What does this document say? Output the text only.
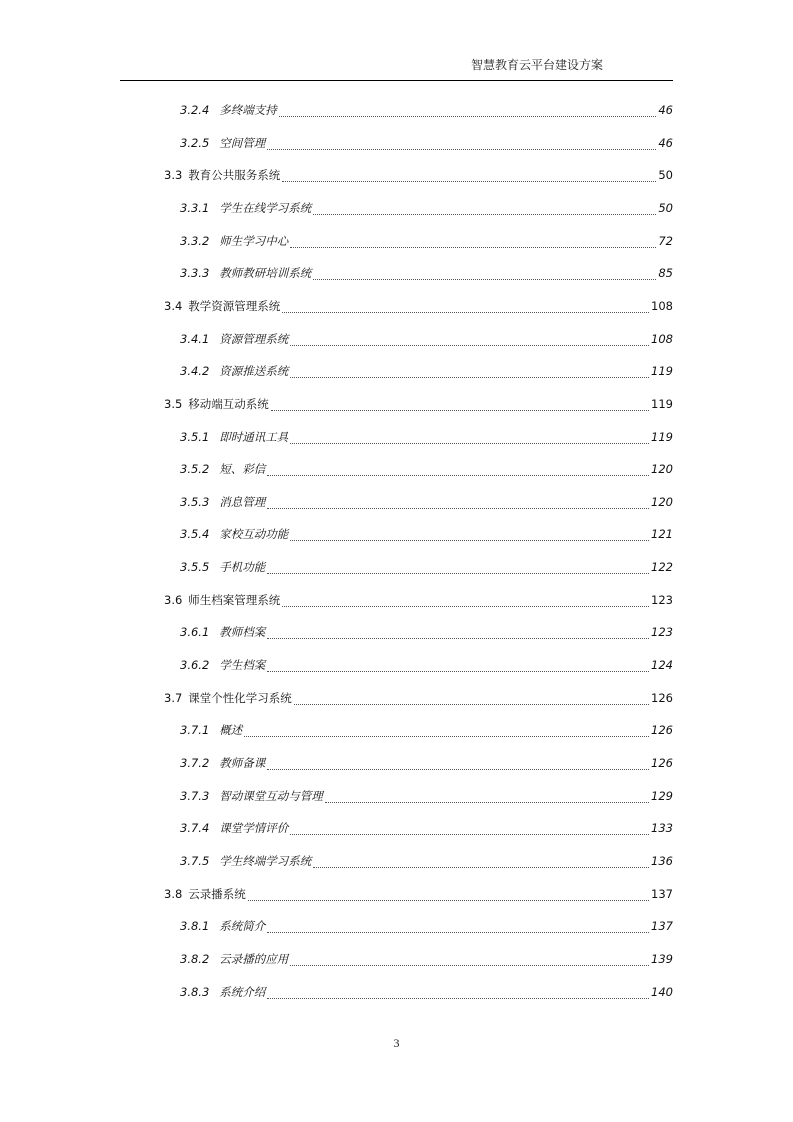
智慧教育云平台建设方案
3.2.4 多终端支持	46
3.2.5 空间管理	46
3.3 教育公共服务系统	50
3.3.1 学生在线学习系统	50
3.3.2 师生学习中心	72
3.3.3 教师教研培训系统	85
3.4 教学资源管理系统	108
3.4.1 资源管理系统	108
3.4.2 资源推送系统	119
3.5 移动端互动系统	119
3.5.1 即时通讯工具	119
3.5.2 短、彩信	120
3.5.3 消息管理	120
3.5.4 家校互动功能	121
3.5.5 手机功能	122
3.6 师生档案管理系统	123
3.6.1 教师档案	123
3.6.2 学生档案	124
3.7 课堂个性化学习系统	126
3.7.1 概述	126
3.7.2 教师备课	126
3.7.3 智动课堂互动与管理	129
3.7.4 课堂学情评价	133
3.7.5 学生终端学习系统	136
3.8 云录播系统	137
3.8.1 系统简介	137
3.8.2 云录播的应用	139
3.8.3 系统介绍	140
3
